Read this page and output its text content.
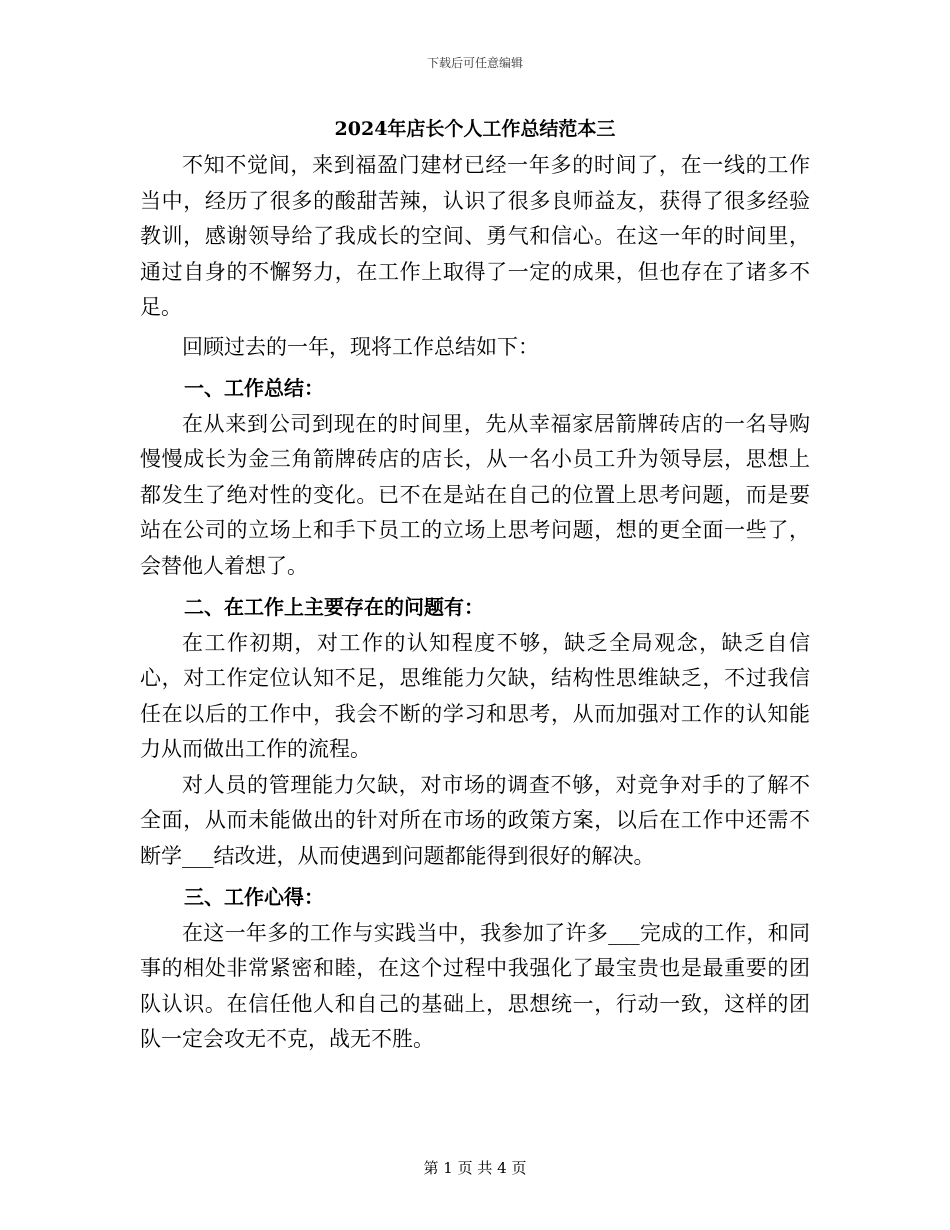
下载后可任意编辑
2024年店长个人工作总结范本三

不知不觉间，来到福盈门建材已经一年多的时间了，在一线的工作当中，经历了很多的酸甜苦辣，认识了很多良师益友，获得了很多经验教训，感谢领导给了我成长的空间、勇气和信心。在这一年的时间里，通过自身的不懈努力，在工作上取得了一定的成果，但也存在了诸多不足。

回顾过去的一年，现将工作总结如下：

一、工作总结：

在从来到公司到现在的时间里，先从幸福家居箭牌砖店的一名导购慢慢成长为金三角箭牌砖店的店长，从一名小员工升为领导层，思想上都发生了绝对性的变化。已不在是站在自己的位置上思考问题，而是要站在公司的立场上和手下员工的立场上思考问题，想的更全面一些了，会替他人着想了。

二、在工作上主要存在的问题有：

在工作初期，对工作的认知程度不够，缺乏全局观念，缺乏自信心，对工作定位认知不足，思维能力欠缺，结构性思维缺乏，不过我信任在以后的工作中，我会不断的学习和思考，从而加强对工作的认知能力从而做出工作的流程。

对人员的管理能力欠缺，对市场的调查不够，对竞争对手的了解不全面，从而未能做出的针对所在市场的政策方案，以后在工作中还需不断学___结改进，从而使遇到问题都能得到很好的解决。

三、工作心得：

在这一年多的工作与实践当中，我参加了许多___完成的工作，和同事的相处非常紧密和睦，在这个过程中我强化了最宝贵也是最重要的团队认识。在信任他人和自己的基础上，思想统一，行动一致，这样的团队一定会攻无不克，战无不胜。

第 1 页 共 4 页
